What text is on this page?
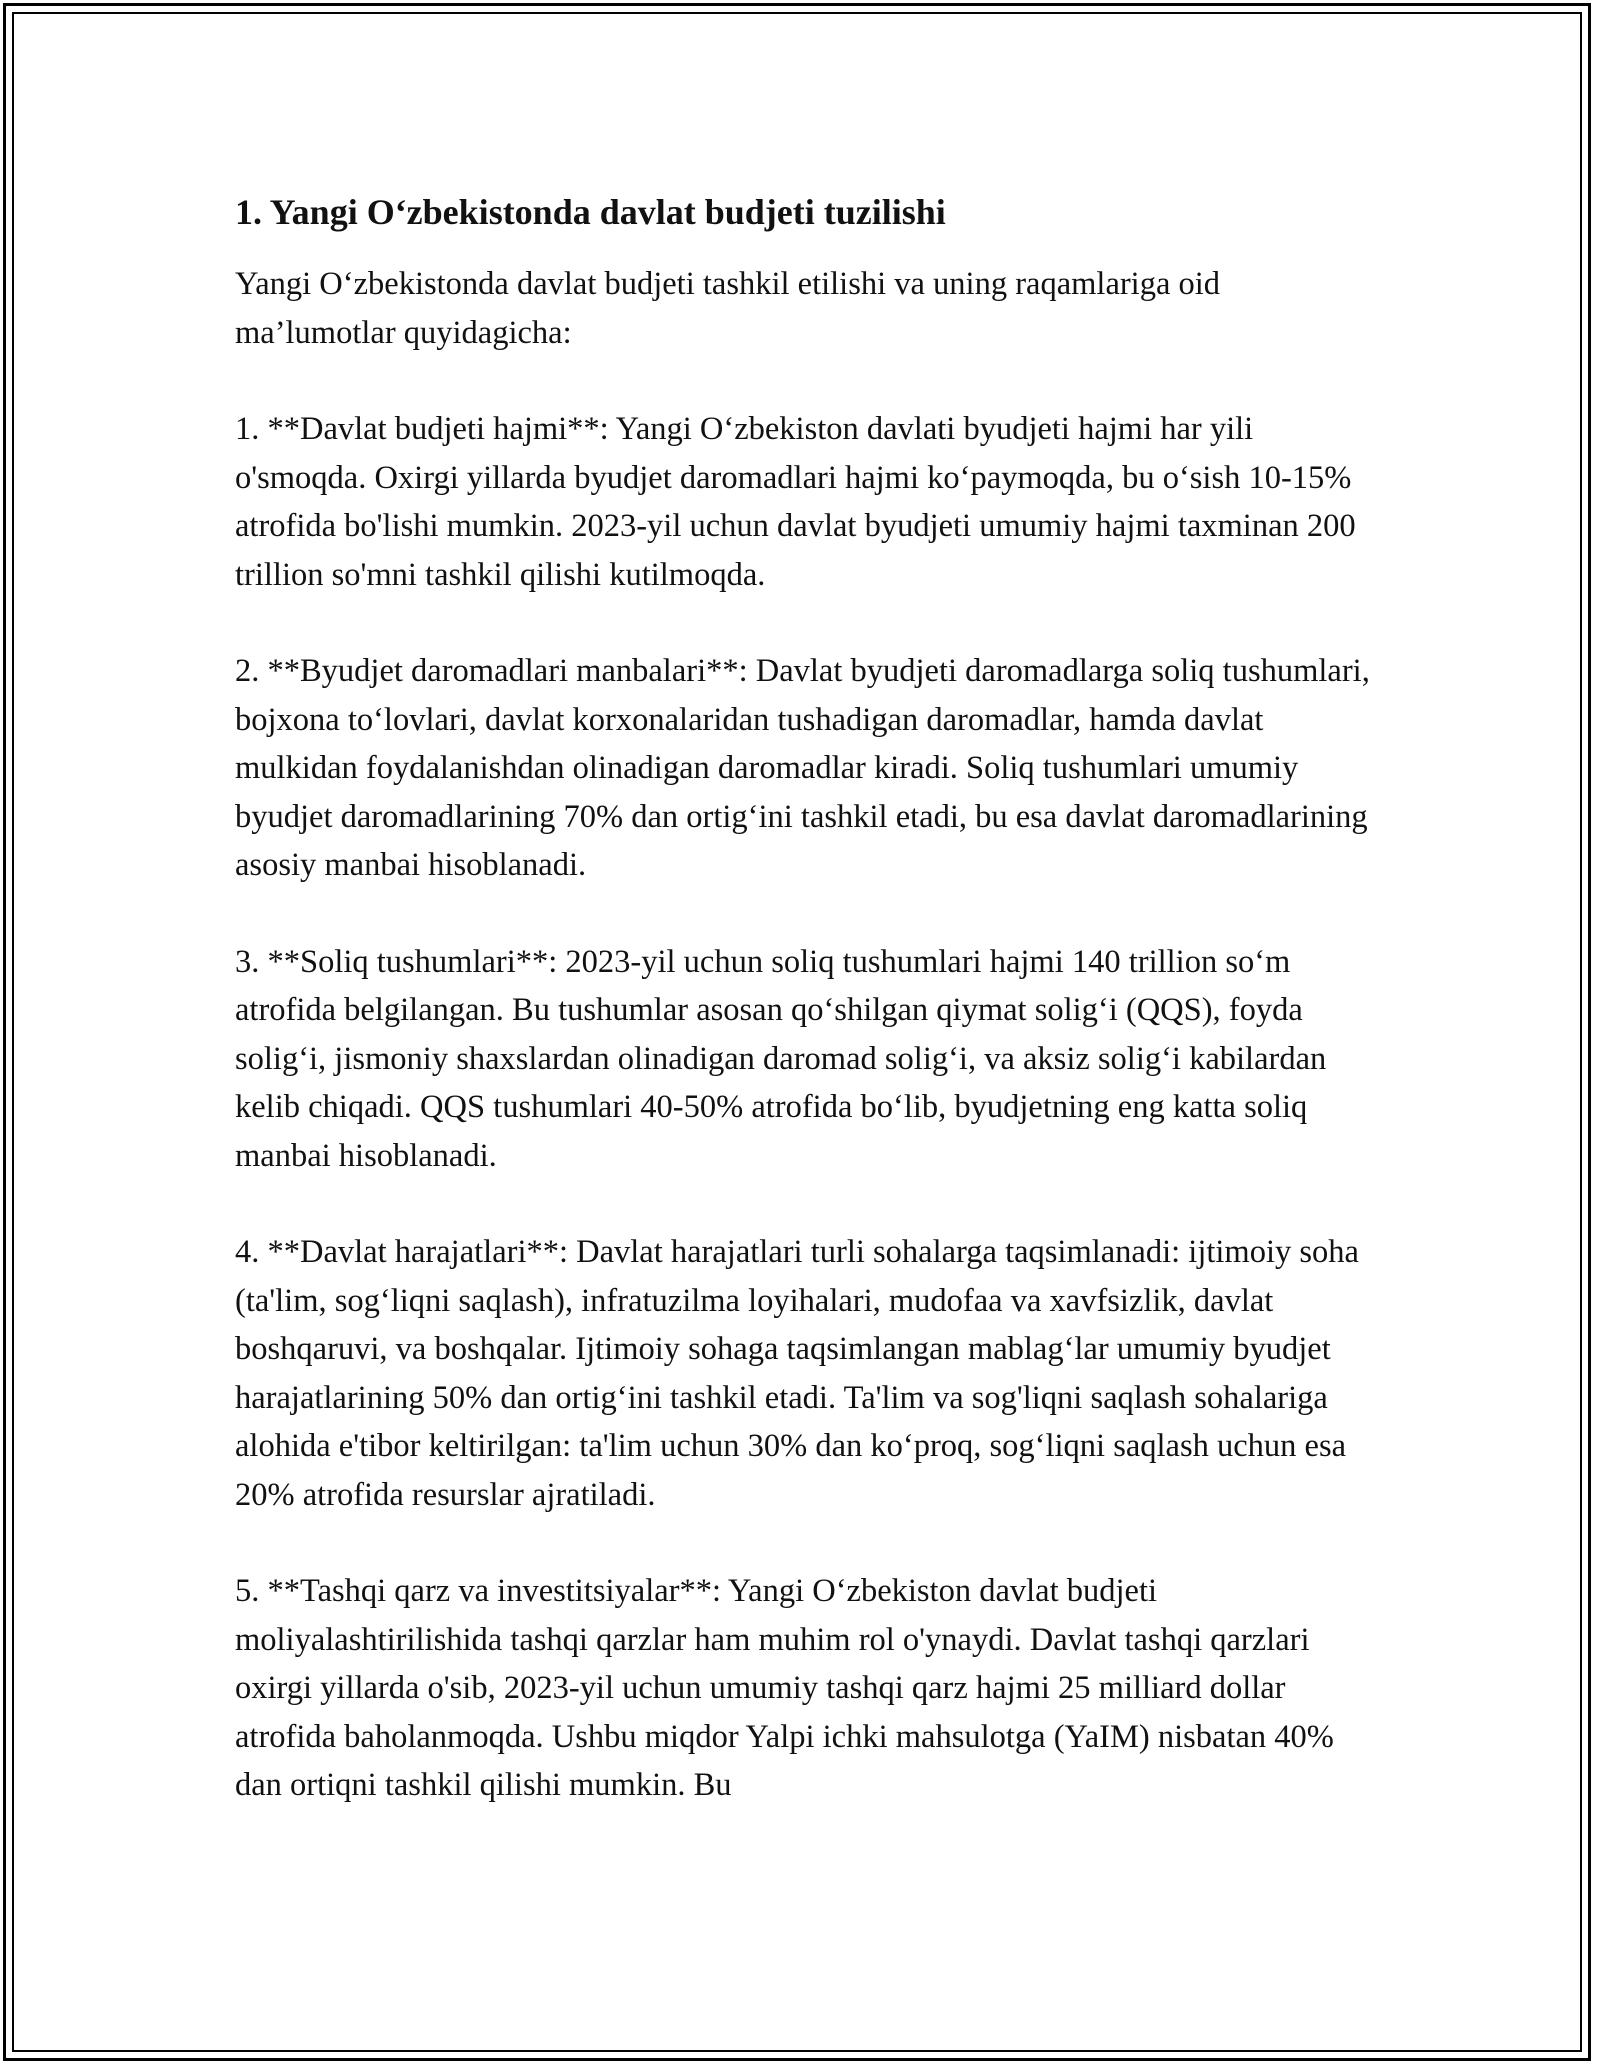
1. Yangi O‘zbekistonda davlat budjeti tuzilishi

Yangi O‘zbekistonda davlat budjeti tashkil etilishi va uning raqamlariga oid ma’lumotlar quyidagicha:

1. **Davlat budjeti hajmi**: Yangi O‘zbekiston davlati byudjeti hajmi har yili o'smoqda. Oxirgi yillarda byudjet daromadlari hajmi ko‘paymoqda, bu o‘sish 10-15% atrofida bo'lishi mumkin. 2023-yil uchun davlat byudjeti umumiy hajmi taxminan 200 trillion so'mni tashkil qilishi kutilmoqda.

2. **Byudjet daromadlari manbalari**: Davlat byudjeti daromadlarga soliq tushumlari, bojxona to‘lovlari, davlat korxonalaridan tushadigan daromadlar, hamda davlat mulkidan foydalanishdan olinadigan daromadlar kiradi. Soliq tushumlari umumiy byudjet daromadlarining 70% dan ortig‘ini tashkil etadi, bu esa davlat daromadlarining asosiy manbai hisoblanadi.

3. **Soliq tushumlari**: 2023-yil uchun soliq tushumlari hajmi 140 trillion so‘m atrofida belgilangan. Bu tushumlar asosan qo‘shilgan qiymat solig‘i (QQS), foyda solig‘i, jismoniy shaxslardan olinadigan daromad solig‘i, va aksiz solig‘i kabilardan kelib chiqadi. QQS tushumlari 40-50% atrofida bo‘lib, byudjetning eng katta soliq manbai hisoblanadi.

4. **Davlat harajatlari**: Davlat harajatlari turli sohalarga taqsimlanadi: ijtimoiy soha (ta'lim, sog‘liqni saqlash), infratuzilma loyihalari, mudofaa va xavfsizlik, davlat boshqaruvi, va boshqalar. Ijtimoiy sohaga taqsimlangan mablag‘lar umumiy byudjet harajatlarining 50% dan ortig‘ini tashkil etadi. Ta'lim va sog'liqni saqlash sohalariga alohida e'tibor keltirilgan: ta'lim uchun 30% dan ko‘proq, sog‘liqni saqlash uchun esa 20% atrofida resurslar ajratiladi.

5. **Tashqi qarz va investitsiyalar**: Yangi O‘zbekiston davlat budjeti moliyalashtirilishida tashqi qarzlar ham muhim rol o'ynaydi. Davlat tashqi qarzlari oxirgi yillarda o'sib, 2023-yil uchun umumiy tashqi qarz hajmi 25 milliard dollar atrofida baholanmoqda. Ushbu miqdor Yalpi ichki mahsulotga (YaIM) nisbatan 40% dan ortiqni tashkil qilishi mumkin. Bu
